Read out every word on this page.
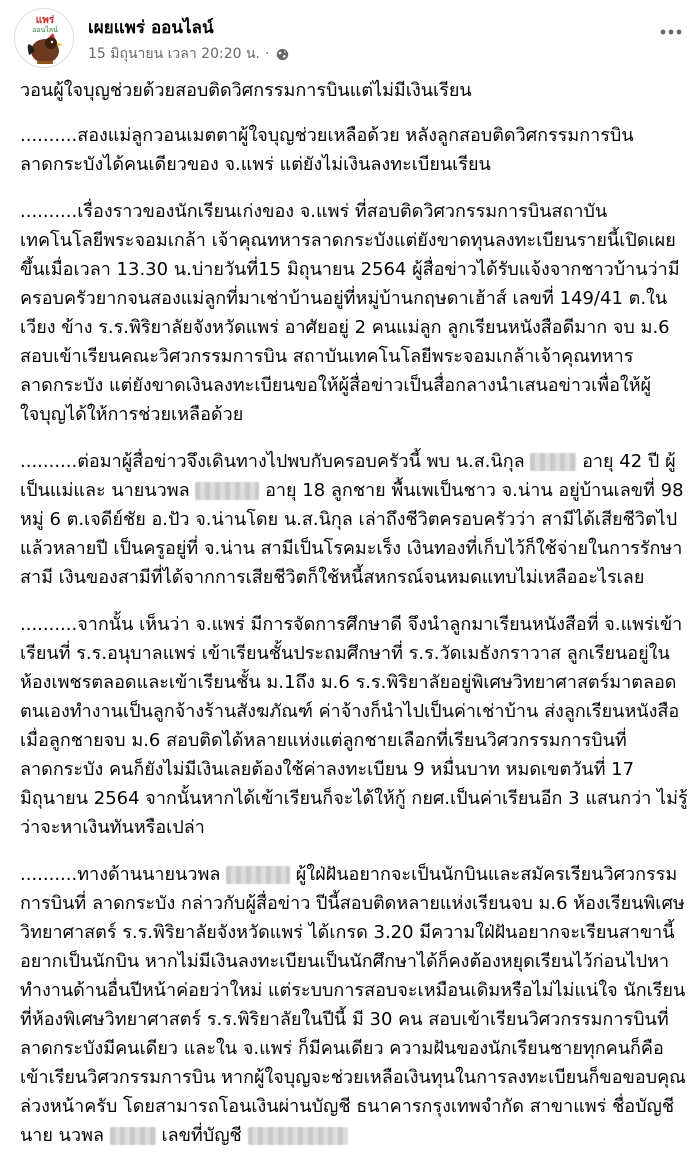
แพร่
ออนไลน์ เผยแพร่ ออนไลน์
15 มิถุนายน เวลา 20:20 น. ·

วอนผู้ใจบุญช่วยด้วยสอบติดวิศกรรมการบินแต่ไม่มีเงินเรียน

..........สองแม่ลูกวอนเมตตาผู้ใจบุญช่วยเหลือด้วย หลังลูกสอบติดวิศกรรมการบิน ลาดกระบังได้คนเดียวของ จ.แพร่ แต่ยังไม่เงินลงทะเบียนเรียน

..........เรื่องราวของนักเรียนเก่งของ จ.แพร่ ที่สอบติดวิศวกรรมการบินสถาบันเทคโนโลยีพระจอมเกล้า เจ้าคุณทหารลาดกระบังแต่ยังขาดทุนลงทะเบียนรายนี้เปิดเผยขึ้นเมื่อเวลา 13.30 น.บ่ายวันที่15 มิถุนายน 2564 ผู้สื่อข่าวได้รับแจ้งจากชาวบ้านว่ามีครอบครัวยากจนสองแม่ลูกที่มาเช่าบ้านอยู่ที่หมู่บ้านกฤษดาเฮ้าส์ เลขที่ 149/41 ต.ในเวียง ข้าง ร.ร.พิริยาลัยจังหวัดแพร่ อาศัยอยู่ 2 คนแม่ลูก ลูกเรียนหนังสือดีมาก จบ ม.6 สอบเข้าเรียนคณะวิศวกรรมการบิน สถาบันเทคโนโลยีพระจอมเกล้าเจ้าคุณทหารลาดกระบัง แต่ยังขาดเงินลงทะเบียนขอให้ผู้สื่อข่าวเป็นสื่อกลางนำเสนอข่าวเพื่อให้ผู้ใจบุญได้ให้การช่วยเหลือด้วย

..........ต่อมาผู้สื่อข่าวจึงเดินทางไปพบกับครอบครัวนี้ พบ น.ส.นิกุล	อายุ 42 ปี ผู้เป็นแม่และ นายนวพล	อายุ 18 ลูกชาย พื้นเพเป็นชาว จ.น่าน อยู่บ้านเลขที่ 98 หมู่ 6 ต.เจดีย์ชัย อ.ปัว จ.น่านโดย น.ส.นิกุล เล่าถึงชีวิตครอบครัวว่า สามีได้เสียชีวิตไปแล้วหลายปี เป็นครูอยู่ที่ จ.น่าน สามีเป็นโรคมะเร็ง เงินทองที่เก็บไว้ก็ใช้จ่ายในการรักษาสามี เงินของสามีที่ได้จากการเสียชีวิตก็ใช้หนี้สหกรณ์จนหมดแทบไม่เหลืออะไรเลย

..........จากนั้น เห็นว่า จ.แพร่ มีการจัดการศึกษาดี จึงนำลูกมาเรียนหนังสือที่ จ.แพร่เข้าเรียนที่ ร.ร.อนุบาลแพร่ เข้าเรียนชั้นประถมศึกษาที่ ร.ร.วัดเมธังกราวาส ลูกเรียนอยู่ในห้องเพชรตลอดและเข้าเรียนชั้น ม.1ถึง ม.6 ร.ร.พิริยาลัยอยู่พิเศษวิทยาศาสตร์มาตลอด ตนเองทำงานเป็นลูกจ้างร้านสังฆภัณฑ์ ค่าจ้างก็นำไปเป็นค่าเช่าบ้าน ส่งลูกเรียนหนังสือ เมื่อลูกชายจบ ม.6 สอบติดได้หลายแห่งแต่ลูกชายเลือกที่เรียนวิศวกรรมการบินที่ลาดกระบัง คนก็ยังไม่มีเงินเลยต้องใช้ค่าลงทะเบียน 9 หมื่นบาท หมดเขตวันที่ 17 มิถุนายน 2564 จากนั้นหากได้เข้าเรียนก็จะได้ให้กู้ กยศ.เป็นค่าเรียนอีก 3 แสนกว่า ไม่รู้ว่าจะหาเงินทันหรือเปล่า

..........ทางด้านนายนวพล	ผู้ใฝ่ฝันอยากจะเป็นนักบินและสมัครเรียนวิศวกรรมการบินที่ ลาดกระบัง กล่าวกับผู้สื่อข่าว ปีนี้สอบติดหลายแห่งเรียนจบ ม.6 ห้องเรียนพิเศษวิทยาศาสตร์ ร.ร.พิริยาลัยจังหวัดแพร่ ได้เกรด 3.20 มีความใฝ่ฝันอยากจะเรียนสาขานี้ อยากเป็นนักบิน หากไม่มีเงินลงทะเบียนเป็นนักศึกษาได้ก็คงต้องหยุดเรียนไว้ก่อนไปหาทำงานด้านอื่นปีหน้าค่อยว่าใหม่ แต่ระบบการสอบจะเหมือนเดิมหรือไม่ไม่แน่ใจ นักเรียนที่ห้องพิเศษวิทยาศาสตร์ ร.ร.พิริยาลัยในปีนี้ มี 30 คน สอบเข้าเรียนวิศวกรรมการบินที่ลาดกระบังมีคนเดียว และใน จ.แพร่ ก็มีคนเดียว ความฝันของนักเรียนชายทุกคนก็คือเข้าเรียนวิศวกรรมการบิน หากผู้ใจบุญจะช่วยเหลือเงินทุนในการลงทะเบียนก็ขอขอบคุณล่วงหน้าครับ โดยสามารถโอนเงินผ่านบัญชี ธนาคารกรุงเทพจำกัด สาขาแพร่ ชื่อบัญชี นาย นวพล	เลขที่บัญชี
